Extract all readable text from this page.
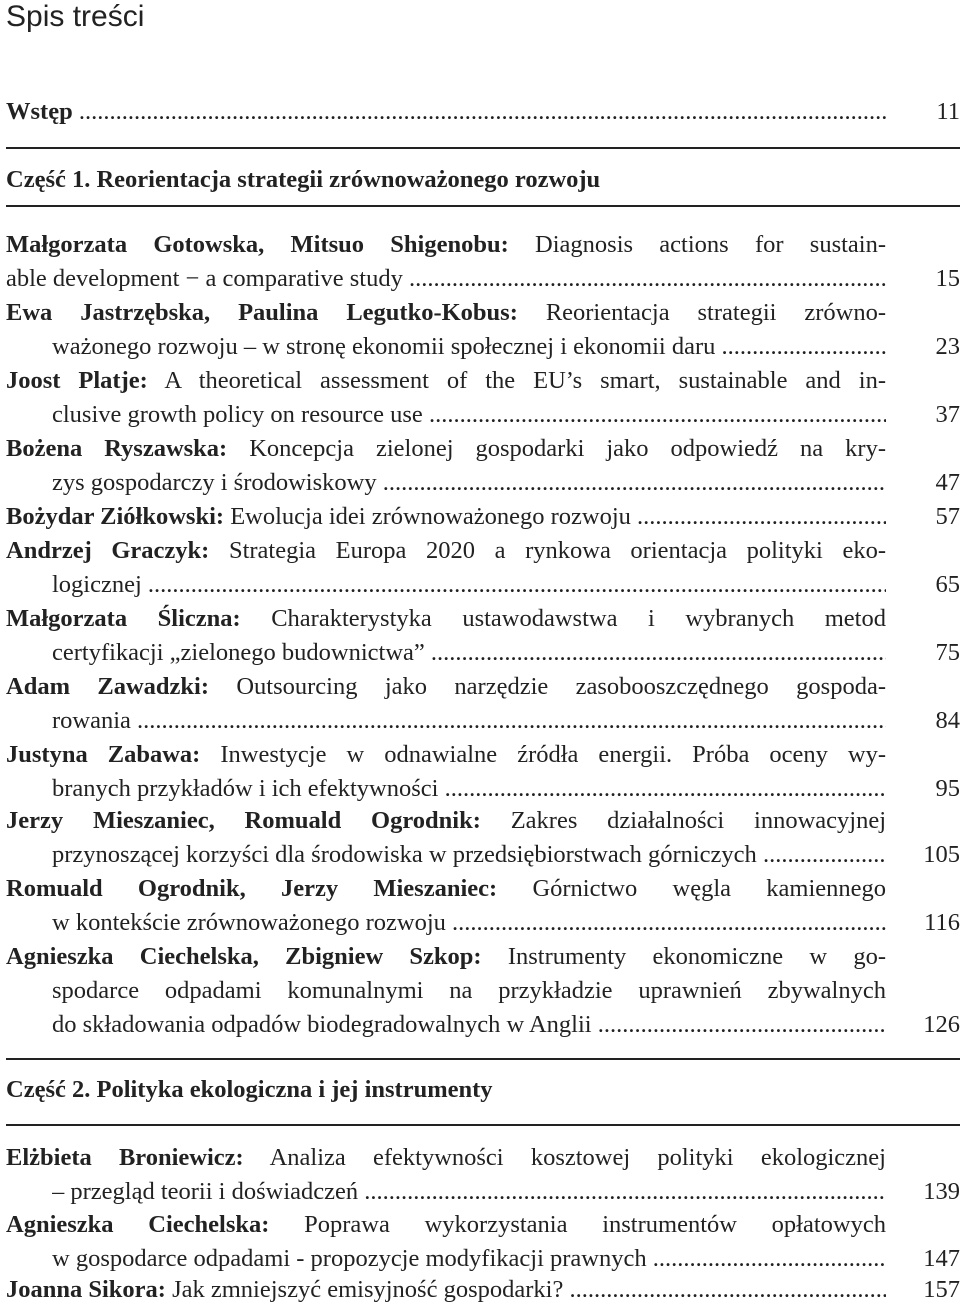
Spis treści
Wstęp .....	11
Część 1. Reorientacja strategii zrównoważonego rozwoju
Małgorzata Gotowska, Mitsuo Shigenobu: Diagnosis actions for sustain-
able development − a comparative study .....	15
Ewa Jastrzębska, Paulina Legutko-Kobus: Reorientacja strategii zrówno-
ważonego rozwoju – w stronę ekonomii społecznej i ekonomii daru .....	23
Joost Platje: A theoretical assessment of the EU’s smart, sustainable and in-
clusive growth policy on resource use .....	37
Bożena Ryszawska: Koncepcja zielonej gospodarki jako odpowiedź na kry-
zys gospodarczy i środowiskowy .....	47
Bożydar Ziółkowski: Ewolucja idei zrównoważonego rozwoju .....	57
Andrzej Graczyk: Strategia Europa 2020 a rynkowa orientacja polityki eko-
logicznej .....	65
Małgorzata Śliczna: Charakterystyka ustawodawstwa i wybranych metod
certyfikacji „zielonego budownictwa” .....	75
Adam Zawadzki: Outsourcing jako narzędzie zasobooszczędnego gospoda-
rowania .....	84
Justyna Zabawa: Inwestycje w odnawialne źródła energii. Próba oceny wy-
branych przykładów i ich efektywności .....	95
Jerzy Mieszaniec, Romuald Ogrodnik: Zakres działalności innowacyjnej
przynoszącej korzyści dla środowiska w przedsiębiorstwach górniczych .....	105
Romuald Ogrodnik, Jerzy Mieszaniec: Górnictwo węgla kamiennego
w kontekście zrównoważonego rozwoju .....	116
Agnieszka Ciechelska, Zbigniew Szkop: Instrumenty ekonomiczne w go-
spodarce odpadami komunalnymi na przykładzie uprawnień zbywalnych
do składowania odpadów biodegradowalnych w Anglii .....	126
Część 2. Polityka ekologiczna i jej instrumenty
Elżbieta Broniewicz: Analiza efektywności kosztowej polityki ekologicznej
– przegląd teorii i doświadczeń .....	139
Agnieszka Ciechelska: Poprawa wykorzystania instrumentów opłatowych
w gospodarce odpadami - propozycje modyfikacji prawnych .....	147
Joanna Sikora: Jak zmniejszyć emisyjność gospodarki? .....	157
